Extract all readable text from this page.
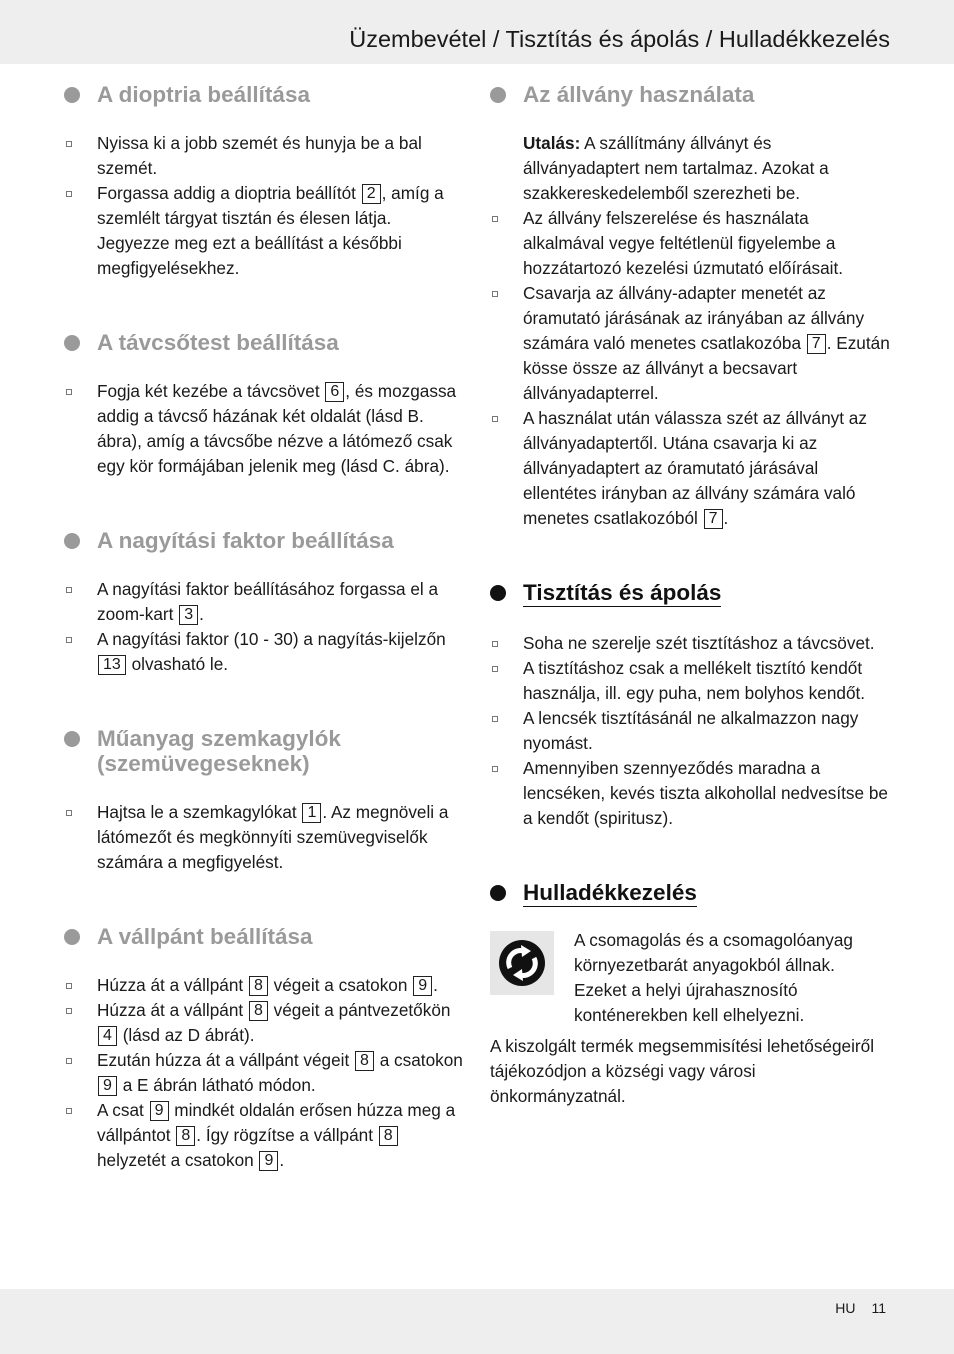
Üzembevétel / Tisztítás és ápolás / Hulladékkezelés
A dioptria beállítása
Nyissa ki a jobb szemét és hunyja be a bal szemét.
Forgassa addig a dioptria beállítót 2 , amíg a szemlélt tárgyat tisztán és élesen látja. Jegyezze meg ezt a beállítást a későbbi megfigyelésekhez.
A távcsőtest beállítása
Fogja két kezébe a távcsövet 6 , és mozgassa addig a távcső házának két oldalát (lásd B. ábra), amíg a távcsőbe nézve a látómező csak egy kör formájában jelenik meg (lásd C. ábra).
A nagyítási faktor beállítása
A nagyítási faktor beállításához forgassa el a zoom-kart 3 .
A nagyítási faktor (10 - 30) a nagyítás-kijelzőn 13 olvasható le.
Műanyag szemkagylók (szemüvegeseknek)
Hajtsa le a szemkagylókat 1 . Az megnöveli a látómezőt és megkönnyíti szemüvegviselők számára a megfigyelést.
A vállpánt beállítása
Húzza át a vállpánt 8 végeit a csatokon 9 .
Húzza át a vállpánt 8 végeit a pántvezetőkön 4 (lásd az D ábrát).
Ezután húzza át a vállpánt végeit 8 a csatokon 9 a E ábrán látható módon.
A csat 9 mindkét oldalán erősen húzza meg a vállpántot 8 . Így rögzítse a vállpánt 8 helyzetét a csatokon 9 .
Az állvány használata
Utalás: A szállítmány állványt és állványadaptert nem tartalmaz. Azokat a szakkereskedelemből szerezheti be.
Az állvány felszerelése és használata alkalmával vegye feltétlenül figyelembe a hozzátartozó kezelési úzmutató előírásait.
Csavarja az állvány-adapter menetét az óramutató járásának az irányában az állvány számára való menetes csatlakozóba 7 . Ezután kösse össze az állványt a becsavart állványadapterrel.
A használat után válassza szét az állványt az állványadaptertől. Utána csavarja ki az állványadaptert az óramutató járásával ellentétes irányban az állvány számára való menetes csatlakozóból 7 .
Tisztítás és ápolás
Soha ne szerelje szét tisztításhoz a távcsövet.
A tisztításhoz csak a mellékelt tisztító kendőt használja, ill. egy puha, nem bolyhos kendőt.
A lencsék tisztításánál ne alkalmazzon nagy nyomást.
Amennyiben szennyeződés maradna a lencséken, kevés tiszta alkohollal nedvesítse be a kendőt (spiritusz).
Hulladékkezelés
A csomagolás és a csomagolóanyag környezetbarát anyagokból állnak. Ezeket a helyi újrahasznosító konténerekben kell elhelyezni.
A kiszolgált termék megsemmisítési lehetőségeiről tájékozódjon a községi vagy városi önkormányzatnál.
HU 11
